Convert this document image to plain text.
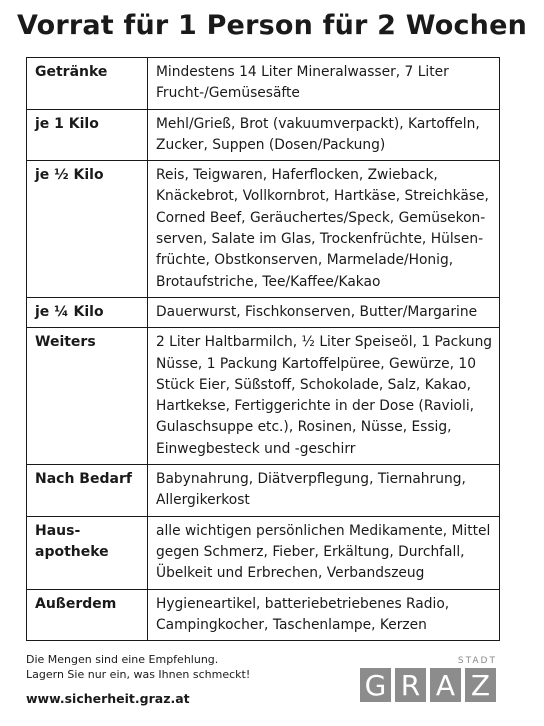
Vorrat für 1 Person für 2 Wochen
Getränke	Mindestens 14 Liter Mineralwasser, 7 Liter Frucht-/Gemüsesäfte

je 1 Kilo	Mehl/Grieß, Brot (vakuumverpackt), Kartoffeln, Zucker, Suppen (Dosen/Packung)

je ½ Kilo	Reis, Teigwaren, Haferflocken, Zwieback, Knäckebrot, Vollkornbrot, Hartkäse, Streichkäse, Corned Beef, Geräuchertes/Speck, Gemüsekon-serven, Salate im Glas, Trockenfrüchte, Hülsen-früchte, Obstkonserven, Marmelade/Honig, Brotaufstriche, Tee/Kaffee/Kakao

je ¼ Kilo	Dauerwurst, Fischkonserven, Butter/Margarine

Weiters	2 Liter Haltbarmilch, ½ Liter Speiseöl, 1 Packung Nüsse, 1 Packung Kartoffelpüree, Gewürze, 10 Stück Eier, Süßstoff, Schokolade, Salz, Kakao, Hartkekse, Fertiggerichte in der Dose (Ravioli, Gulaschsuppe etc.), Rosinen, Nüsse, Essig, Einwegbesteck und -geschirr

Nach Bedarf	Babynahrung, Diätverpflegung, Tiernahrung, Allergikerkost

Haus-
apotheke	alle wichtigen persönlichen Medikamente, Mittel gegen Schmerz, Fieber, Erkältung, Durchfall, Übelkeit und Erbrechen, Verbandszeug

Außerdem	Hygieneartikel, batteriebetriebenes Radio, Campingkocher, Taschenlampe, Kerzen
Die Mengen sind eine Empfehlung.
Lagern Sie nur ein, was Ihnen schmeckt!
www.sicherheit.graz.at
STADT
G R A Z
